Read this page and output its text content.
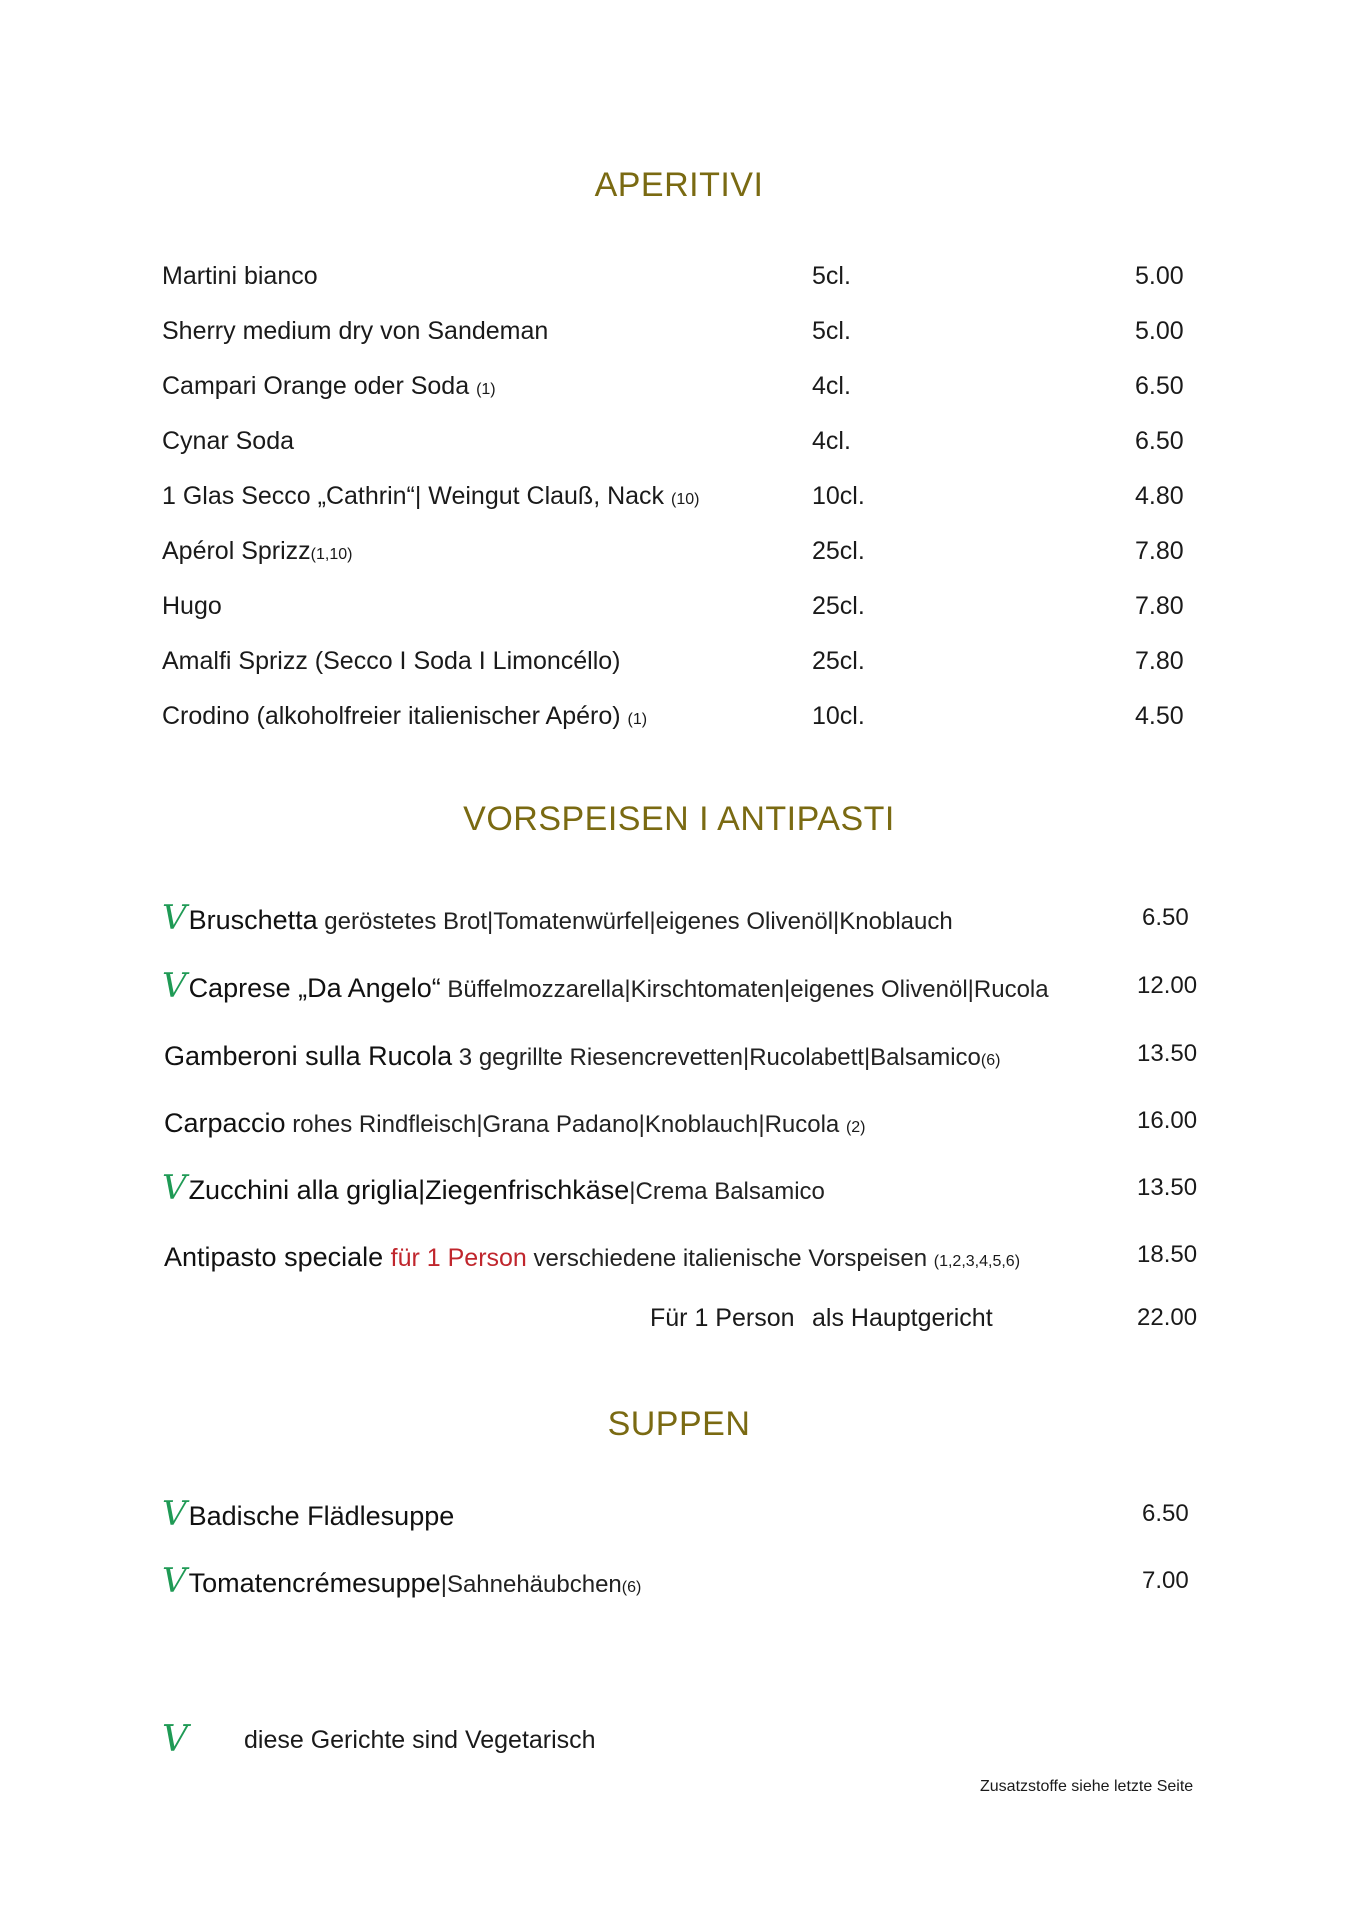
APERITIVI
Martini bianco	5cl.	5.00
Sherry medium dry von Sandeman	5cl.	5.00
Campari Orange oder Soda (1)	4cl.	6.50
Cynar Soda	4cl.	6.50
1 Glas Secco „Cathrin“| Weingut Clauß, Nack (10)	10cl.	4.80
Apérol Sprizz(1,10)	25cl.	7.80
Hugo	25cl.	7.80
Amalfi Sprizz (Secco I Soda I Limoncéllo)	25cl.	7.80
Crodino (alkoholfreier italienischer Apéro) (1)	10cl.	4.50
VORSPEISEN I ANTIPASTI
VBruschetta geröstetes Brot|Tomatenwürfel|eigenes Olivenöl|Knoblauch	6.50
VCaprese „Da Angelo“ Büffelmozzarella|Kirschtomaten|eigenes Olivenöl|Rucola	12.00
Gamberoni sulla Rucola 3 gegrillte Riesencrevetten|Rucolabett|Balsamico(6)	13.50
Carpaccio rohes Rindfleisch|Grana Padano|Knoblauch|Rucola (2)	16.00
VZucchini alla griglia|Ziegenfrischkäse|Crema Balsamico	13.50
Antipasto speciale für 1 Person verschiedene italienische Vorspeisen (1,2,3,4,5,6)	18.50
Für 1 Person als Hauptgericht	22.00
SUPPEN
VBadische Flädlesuppe	6.50
VTomatencrémesuppe|Sahnehäubchen(6)	7.00
V diese Gerichte sind Vegetarisch
Zusatzstoffe siehe letzte Seite
